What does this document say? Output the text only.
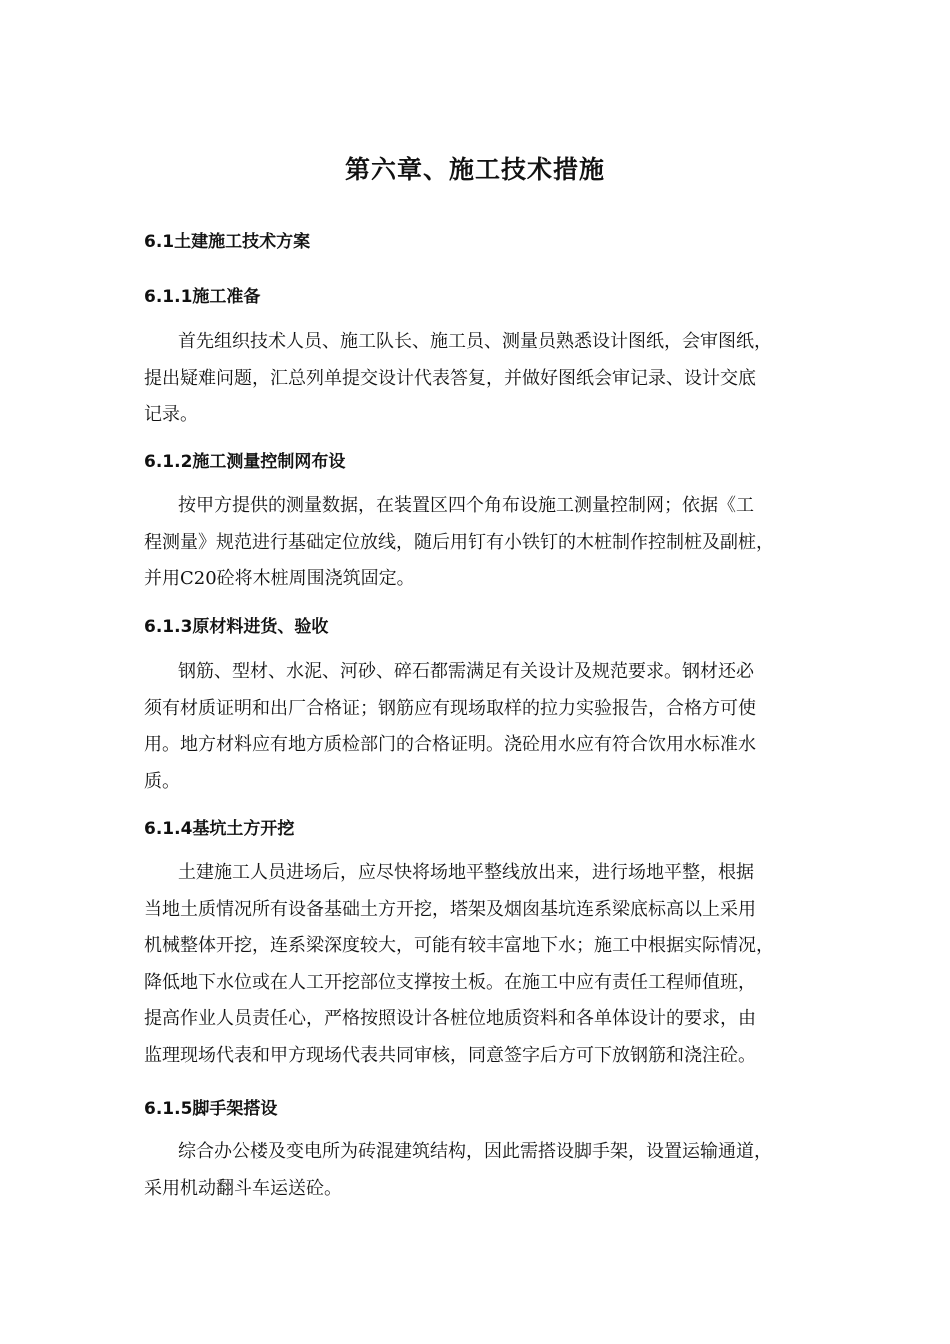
第六章、施工技术措施
6.1土建施工技术方案
6.1.1施工准备
首先组织技术人员、施工队长、施工员、测量员熟悉设计图纸，会审图纸，
提出疑难问题，汇总列单提交设计代表答复，并做好图纸会审记录、设计交底
记录。
6.1.2施工测量控制网布设
按甲方提供的测量数据，在装置区四个角布设施工测量控制网；依据《工
程测量》规范进行基础定位放线，随后用钉有小铁钉的木桩制作控制桩及副桩，
并用C20砼将木桩周围浇筑固定。
6.1.3原材料进货、验收
钢筋、型材、水泥、河砂、碎石都需满足有关设计及规范要求。钢材还必
须有材质证明和出厂合格证；钢筋应有现场取样的拉力实验报告，合格方可使
用。地方材料应有地方质检部门的合格证明。浇砼用水应有符合饮用水标准水
质。
6.1.4基坑土方开挖
土建施工人员进场后，应尽快将场地平整线放出来，进行场地平整，根据
当地土质情况所有设备基础土方开挖，塔架及烟囱基坑连系梁底标高以上采用
机械整体开挖，连系梁深度较大，可能有较丰富地下水；施工中根据实际情况，
降低地下水位或在人工开挖部位支撑按土板。在施工中应有责任工程师值班，
提高作业人员责任心，严格按照设计各桩位地质资料和各单体设计的要求，由
监理现场代表和甲方现场代表共同审核，同意签字后方可下放钢筋和浇注砼。
6.1.5脚手架搭设
综合办公楼及变电所为砖混建筑结构，因此需搭设脚手架，设置运输通道，
采用机动翻斗车运送砼。
